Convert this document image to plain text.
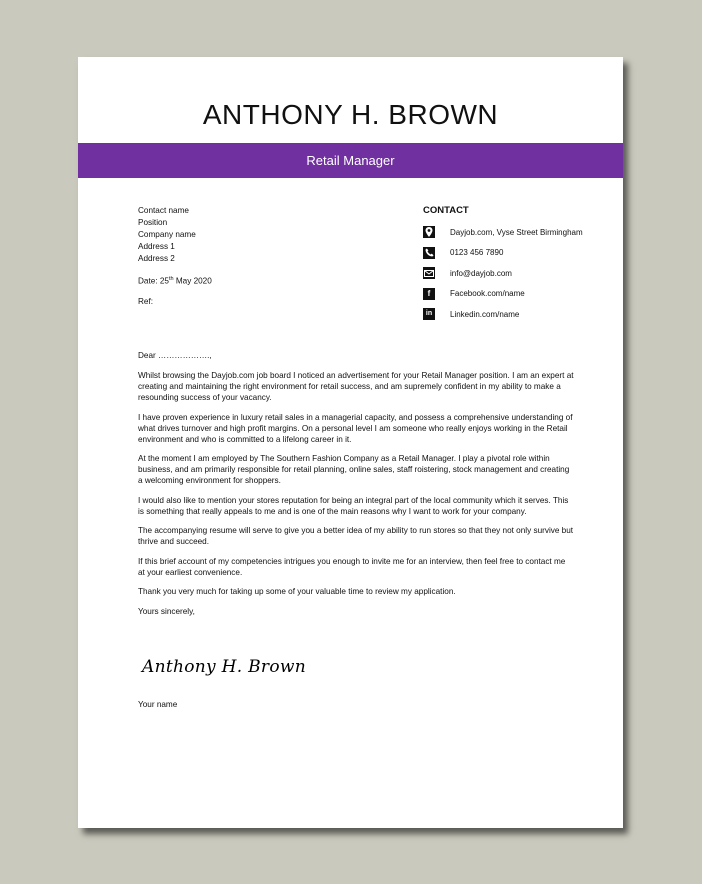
ANTHONY H. BROWN
Retail Manager
Contact name
Position
Company name
Address 1
Address 2
Date: 25th May 2020
Ref:
CONTACT
Dayjob.com, Vyse Street Birmingham
0123 456 7890
info@dayjob.com
f	Facebook.com/name
in	Linkedin.com/name

Dear ……………….,

Whilst browsing the Dayjob.com job board I noticed an advertisement for your Retail Manager position. I am an expert at creating and maintaining the right environment for retail success, and am supremely confident in my ability to make a resounding success of your vacancy.

I have proven experience in luxury retail sales in a managerial capacity, and possess a comprehensive understanding of what drives turnover and high profit margins. On a personal level I am someone who really enjoys working in the Retail environment and who is committed to a lifelong career in it.

At the moment I am employed by The Southern Fashion Company as a Retail Manager. I play a pivotal role within business, and am primarily responsible for retail planning, online sales, staff roistering, stock management and creating a welcoming environment for shoppers.

I would also like to mention your stores reputation for being an integral part of the local community which it serves. This is something that really appeals to me and is one of the main reasons why I want to work for your company.

The accompanying resume will serve to give you a better idea of my ability to run stores so that they not only survive but thrive and succeed.

If this brief account of my competencies intrigues you enough to invite me for an interview, then feel free to contact me at your earliest convenience.

Thank you very much for taking up some of your valuable time to review my application.

Yours sincerely,

Anthony H. Brown
Your name
